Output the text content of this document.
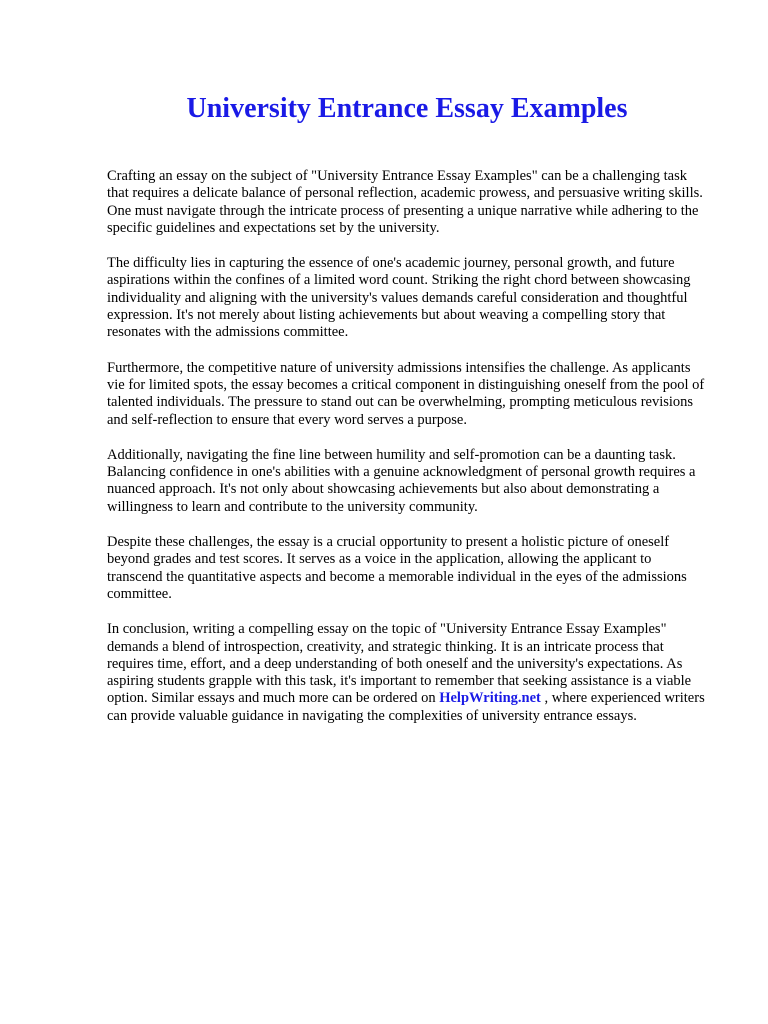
University Entrance Essay Examples

Crafting an essay on the subject of "University Entrance Essay Examples" can be a challenging task that requires a delicate balance of personal reflection, academic prowess, and persuasive writing skills. One must navigate through the intricate process of presenting a unique narrative while adhering to the specific guidelines and expectations set by the university.

The difficulty lies in capturing the essence of one's academic journey, personal growth, and future aspirations within the confines of a limited word count. Striking the right chord between showcasing individuality and aligning with the university's values demands careful consideration and thoughtful expression. It's not merely about listing achievements but about weaving a compelling story that resonates with the admissions committee.

Furthermore, the competitive nature of university admissions intensifies the challenge. As applicants vie for limited spots, the essay becomes a critical component in distinguishing oneself from the pool of talented individuals. The pressure to stand out can be overwhelming, prompting meticulous revisions and self-reflection to ensure that every word serves a purpose.

Additionally, navigating the fine line between humility and self-promotion can be a daunting task. Balancing confidence in one's abilities with a genuine acknowledgment of personal growth requires a nuanced approach. It's not only about showcasing achievements but also about demonstrating a willingness to learn and contribute to the university community.

Despite these challenges, the essay is a crucial opportunity to present a holistic picture of oneself beyond grades and test scores. It serves as a voice in the application, allowing the applicant to transcend the quantitative aspects and become a memorable individual in the eyes of the admissions committee.

In conclusion, writing a compelling essay on the topic of "University Entrance Essay Examples" demands a blend of introspection, creativity, and strategic thinking. It is an intricate process that requires time, effort, and a deep understanding of both oneself and the university's expectations. As aspiring students grapple with this task, it's important to remember that seeking assistance is a viable option. Similar essays and much more can be ordered on HelpWriting.net , where experienced writers can provide valuable guidance in navigating the complexities of university entrance essays.
